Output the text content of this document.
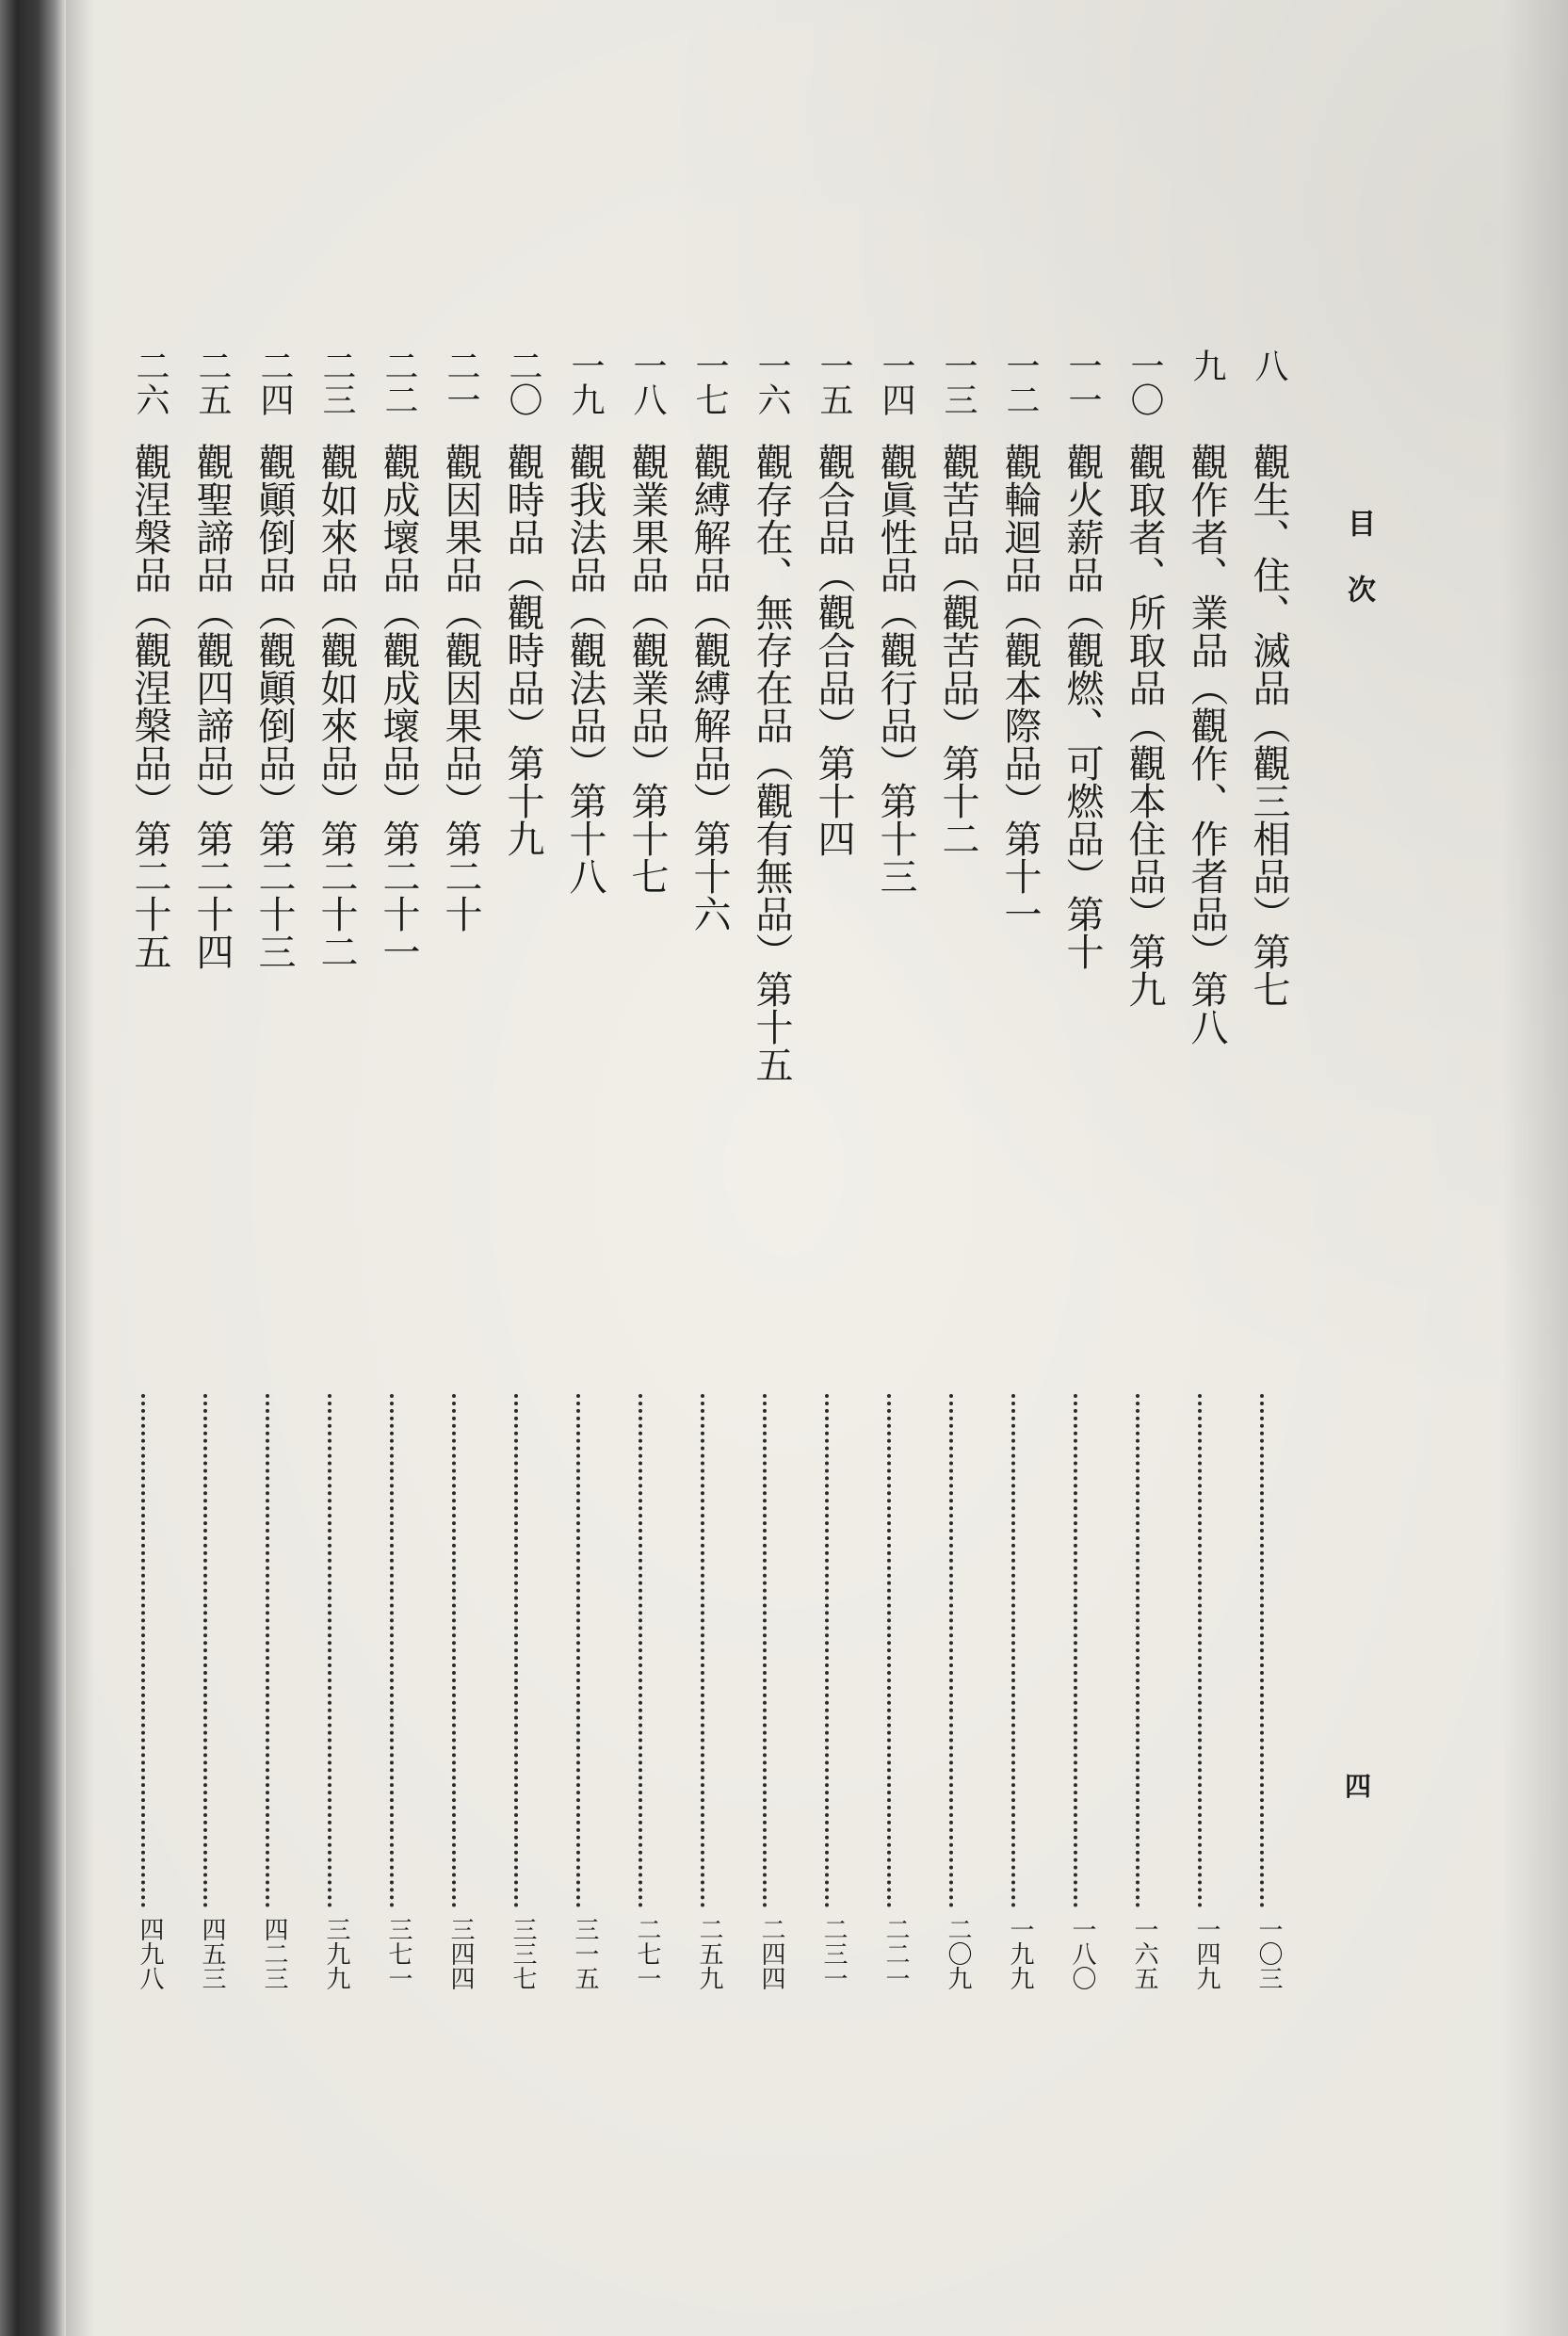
目次
四
八
觀生、住、滅品（觀三相品）第七
一〇三
九
觀作者、業品（觀作、作者品）第八
一四九
一〇
觀取者、所取品（觀本住品）第九
一六五
一一
觀火薪品（觀燃、可燃品）第十
一八〇
一二
觀輪迴品（觀本際品）第十一
一九九
一三
觀苦品（觀苦品）第十二
二〇九
一四
觀眞性品（觀行品）第十三
二二一
一五
觀合品（觀合品）第十四
二三一
一六
觀存在、無存在品（觀有無品）第十五
二四四
一七
觀縛解品（觀縛解品）第十六
二五九
一八
觀業果品（觀業品）第十七
二七一
一九
觀我法品（觀法品）第十八
三一五
二〇
觀時品（觀時品）第十九
三三七
二一
觀因果品（觀因果品）第二十
三四四
二二
觀成壞品（觀成壞品）第二十一
三七一
二三
觀如來品（觀如來品）第二十二
三九九
二四
觀顚倒品（觀顚倒品）第二十三
四二三
二五
觀聖諦品（觀四諦品）第二十四
四五三
二六
觀涅槃品（觀涅槃品）第二十五
四九八
